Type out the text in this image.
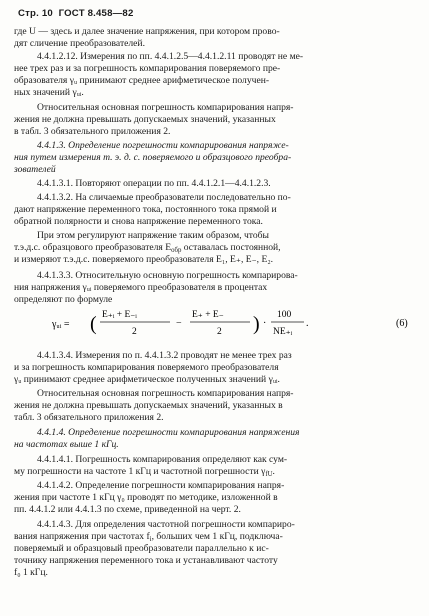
Стр. 10 ГОСТ 8.458—82
где U — здесь и далее значение напряжения, при котором прово-
дят сличение преобразователей.
4.4.1.2.12. Измерения по пп. 4.4.1.2.5—4.4.1.2.11 проводят не ме-
нее трех раз и за погрешность компарирования поверяемого пре-
образователя γᵤ принимают среднее арифметическое получен-
ных значений γᵤᵢ.
Относительная основная погрешность компарирования напря-
жения не должна превышать допускаемых значений, указанных
в табл. 3 обязательного приложения 2.
4.4.1.3. Определение погрешности компарирования напряже-
ния путем измерения т. э. д. с. поверяемого и образцового преобра-
зователей
4.4.1.3.1. Повторяют операции по пп. 4.4.1.2.1—4.4.1.2.3.
4.4.1.3.2. На сличаемые преобразователи последовательно по-
дают напряжение переменного тока, постоянного тока прямой и
обратной полярности и снова напряжение переменного тока.
При этом регулируют напряжение таким образом, чтобы
т.э.д.с. образцового преобразователя $E_{обр}$ оставалась постоянной,
и измеряют т.э.д.с. поверяемого преобразователя E₁, E₊, E₋, E₂.
4.4.1.3.3. Относительную основную погрешность компарирова-
ния напряжения γᵤᵢ поверяемого преобразователя в процентах
определяют по формуле
γᵤᵢ = ( E₊ᵢ + E₋ᵢ
2
−
E₊ + E₋
2 ) ·
100
NE₊ᵢ
.	(6)
4.4.1.3.4. Измерения по п. 4.4.1.3.2 проводят не менее трех раз
и за погрешность компарирования поверяемого преобразователя
γᵤ принимают среднее арифметическое полученных значений γᵤᵢ.
Относительная основная погрешность компарирования напря-
жения не должна превышать допускаемых значений, указанных в
табл. 3 обязательного приложения 2.
4.4.1.4. Определение погрешности компарирования напряжения
на частотах выше 1 кГц.
4.4.1.4.1. Погрешность компарирования определяют как сум-
му погрешности на частоте 1 кГц и частотной погрешности $\gamma_{fU}$.
4.4.1.4.2. Определение погрешности компарирования напря-
жения при частоте 1 кГц γ₀ проводят по методике, изложенной в
пп. 4.4.1.2 или 4.4.1.3 по схеме, приведенной на черт. 2.
4.4.1.4.3. Для определения частотной погрешности компариро-
вания напряжения при частотах $f_i$, больших чем 1 кГц, подключа-
поверяемый и образцовый преобразователи параллельно к ис-
точнику напряжения переменного тока и устанавливают частоту
f₀ 1 кГц.
